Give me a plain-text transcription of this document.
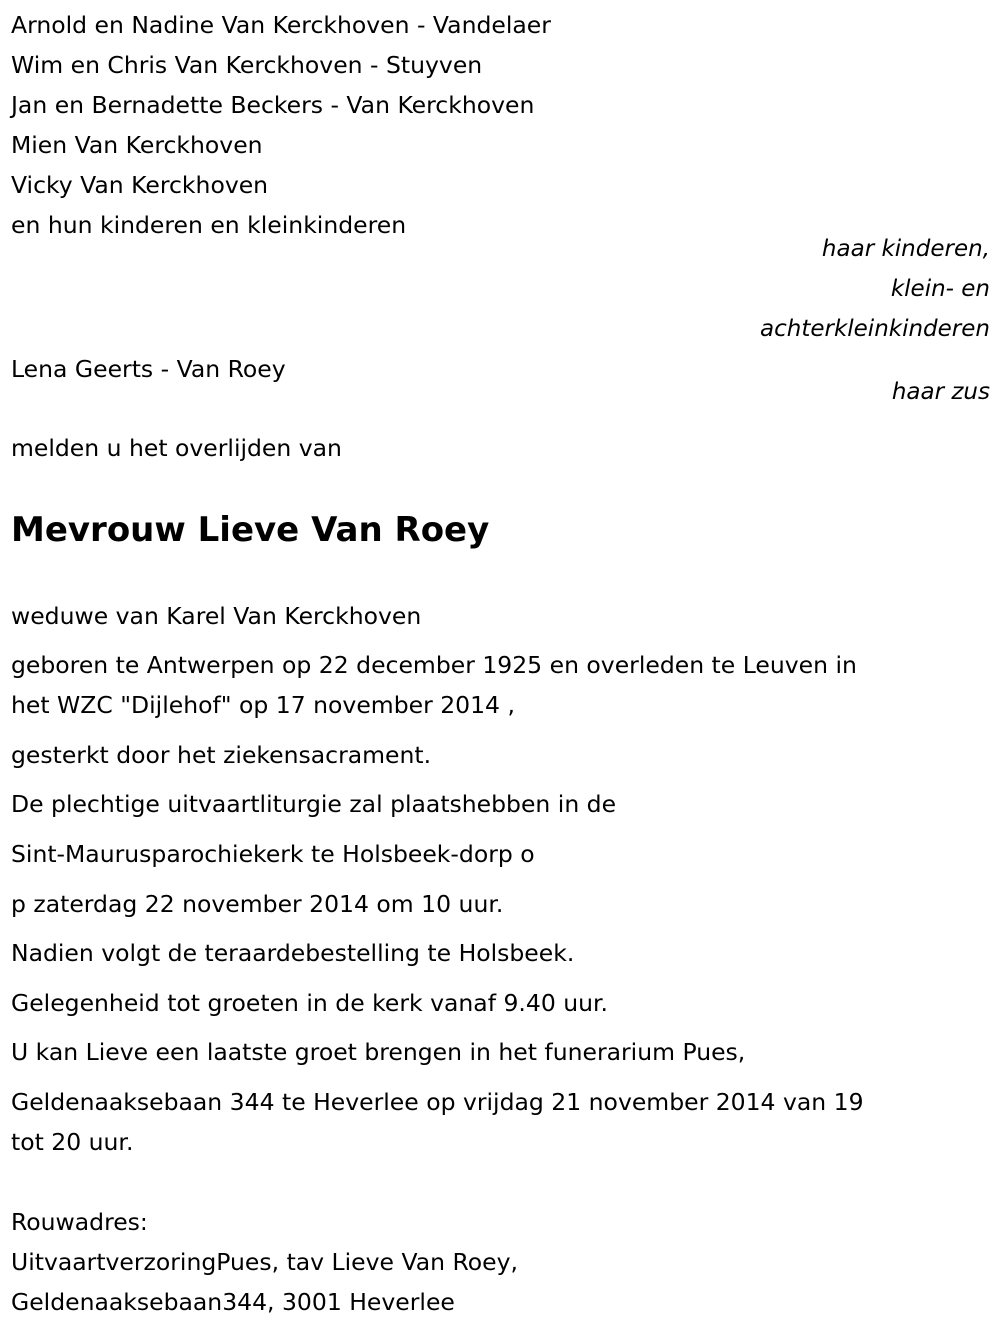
Arnold en Nadine Van Kerckhoven - Vandelaer
Wim en Chris Van Kerckhoven - Stuyven
Jan en Bernadette Beckers - Van Kerckhoven
Mien Van Kerckhoven
Vicky Van Kerckhoven
en hun kinderen en kleinkinderen
haar kinderen,
klein- en
achterkleinkinderen
Lena Geerts - Van Roey
haar zus
melden u het overlijden van
Mevrouw Lieve Van Roey
weduwe van Karel Van Kerckhoven
geboren te Antwerpen op 22 december 1925 en overleden te Leuven in
het WZC "Dijlehof" op 17 november 2014 ,
gesterkt door het ziekensacrament.
De plechtige uitvaartliturgie zal plaatshebben in de
Sint-Maurusparochiekerk te Holsbeek-dorp o
p zaterdag 22 november 2014 om 10 uur.
Nadien volgt de teraardebestelling te Holsbeek.
Gelegenheid tot groeten in de kerk vanaf 9.40 uur.
U kan Lieve een laatste groet brengen in het funerarium Pues,
Geldenaaksebaan 344 te Heverlee op vrijdag 21 november 2014 van 19
tot 20 uur.
Rouwadres:
UitvaartverzoringPues, tav Lieve Van Roey,
Geldenaaksebaan344, 3001 Heverlee
